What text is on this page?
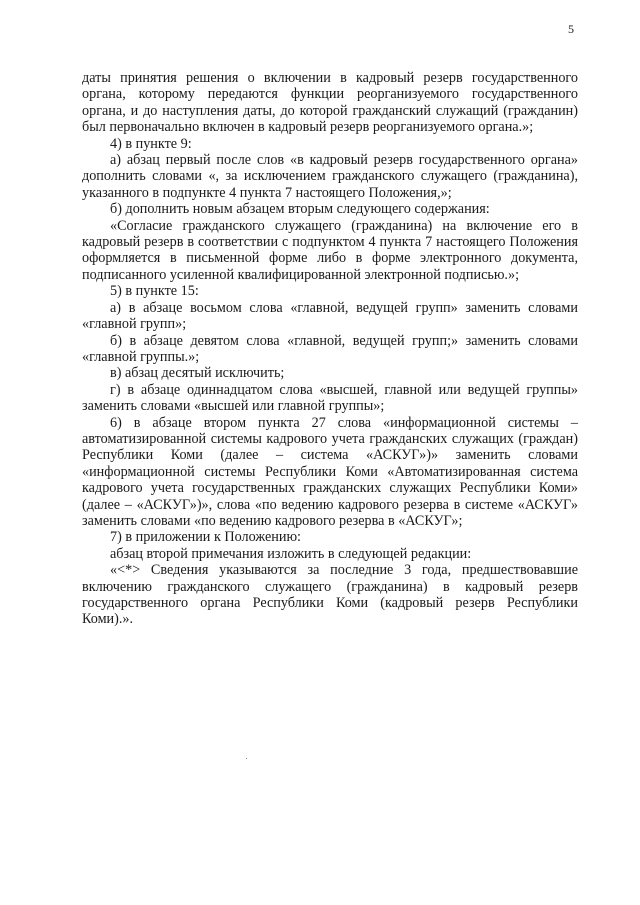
5

даты принятия решения о включении в кадровый резерв государственного органа, которому передаются функции реорганизуемого государственного органа, и до наступления даты, до которой гражданский служащий (гражданин) был первоначально включен в кадровый резерв реорганизуемого органа.»;

4) в пункте 9:

а) абзац первый после слов «в кадровый резерв государственного органа» дополнить словами «, за исключением гражданского служащего (гражданина), указанного в подпункте 4 пункта 7 настоящего Положения,»;

б) дополнить новым абзацем вторым следующего содержания:

«Согласие гражданского служащего (гражданина) на включение его в кадровый резерв в соответствии с подпунктом 4 пункта 7 настоящего Положения оформляется в письменной форме либо в форме электронного документа, подписанного усиленной квалифицированной электронной подписью.»;

5) в пункте 15:

а) в абзаце восьмом слова «главной, ведущей групп» заменить словами «главной групп»;

б) в абзаце девятом слова «главной, ведущей групп;» заменить словами «главной группы.»;

в) абзац десятый исключить;

г) в абзаце одиннадцатом слова «высшей, главной или ведущей группы» заменить словами «высшей или главной группы»;

6) в абзаце втором пункта 27 слова «информационной системы – автоматизированной системы кадрового учета гражданских служащих (граждан) Республики Коми (далее – система «АСКУГ»)» заменить словами «информационной системы Республики Коми «Автоматизированная система кадрового учета государственных гражданских служащих Республики Коми» (далее – «АСКУГ»)», слова «по ведению кадрового резерва в системе «АСКУГ» заменить словами «по ведению кадрового резерва в «АСКУГ»;

7) в приложении к Положению:

абзац второй примечания изложить в следующей редакции:

«<*> Сведения указываются за последние 3 года, предшествовавшие включению гражданского служащего (гражданина) в кадровый резерв государственного органа Республики Коми (кадровый резерв Республики Коми).».
